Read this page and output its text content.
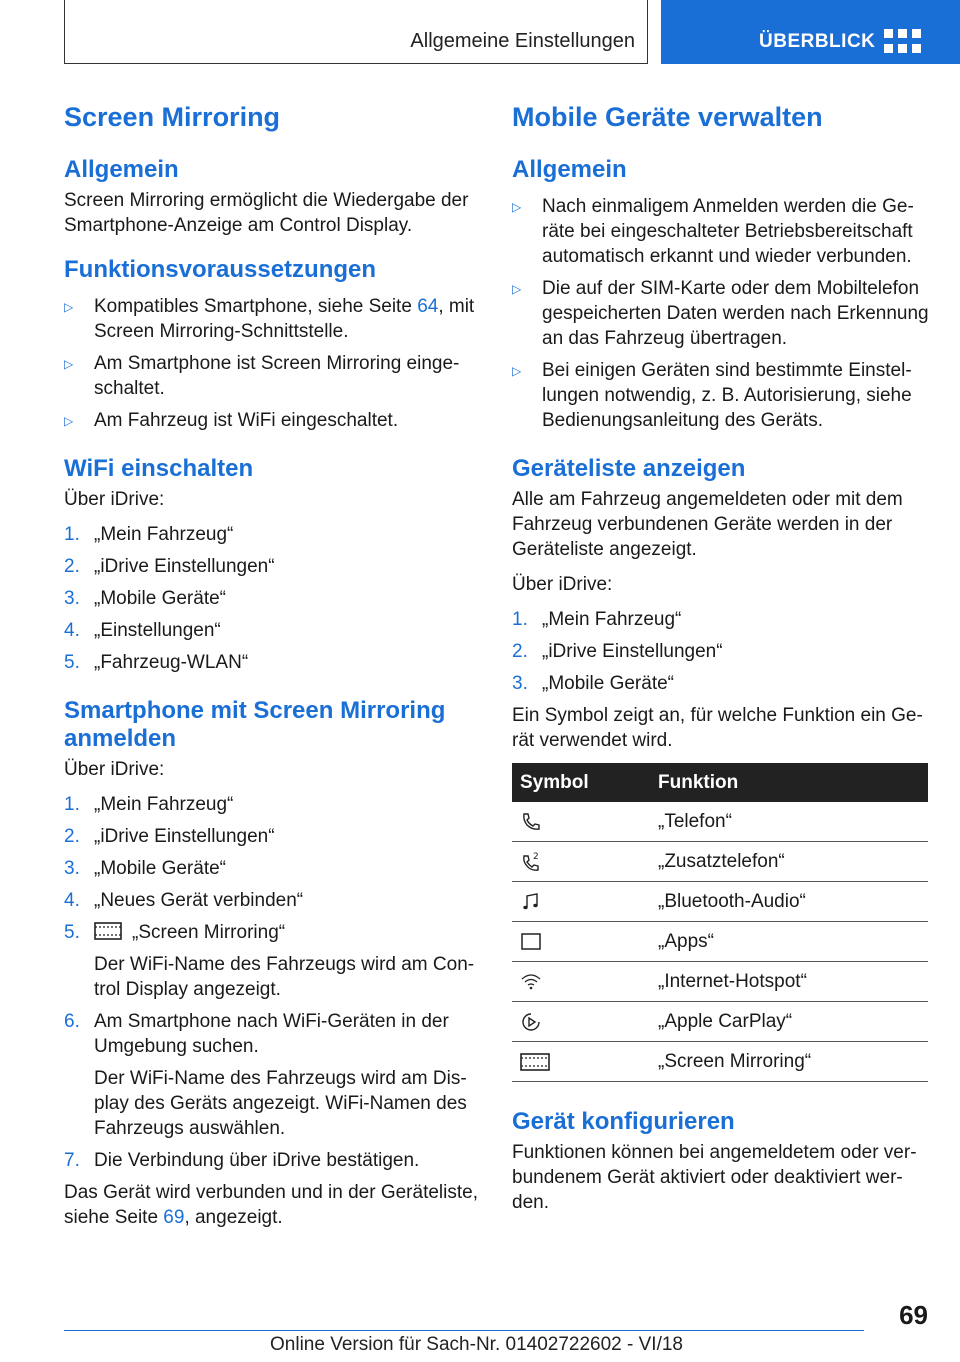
Allgemeine Einstellungen	ÜBERBLICK
Screen Mirroring
Allgemein

Screen Mirroring ermöglicht die Wiedergabe der Smartphone-Anzeige am Control Display.

Funktionsvoraussetzungen
▷ Kompatibles Smartphone, siehe Seite 64, mit Screen Mirroring-Schnittstelle.
▷ Am Smartphone ist Screen Mirroring eingeschaltet.
▷ Am Fahrzeug ist WiFi eingeschaltet.
WiFi einschalten

Über iDrive:

1. „Mein Fahrzeug“
2. „iDrive Einstellungen“
3. „Mobile Geräte“
4. „Einstellungen“
5. „Fahrzeug-WLAN“
Smartphone mit Screen Mirroring anmelden

Über iDrive:

1. „Mein Fahrzeug“
2. „iDrive Einstellungen“
3. „Mobile Geräte“
4. „Neues Gerät verbinden“
5.	„Screen Mirroring“
Der WiFi-Name des Fahrzeugs wird am Control Display angezeigt.
6. Am Smartphone nach WiFi-Geräten in der Umgebung suchen.
Der WiFi-Name des Fahrzeugs wird am Display des Geräts angezeigt. WiFi-Namen des Fahrzeugs auswählen.
7. Die Verbindung über iDrive bestätigen.

Das Gerät wird verbunden und in der Geräteliste, siehe Seite 69, angezeigt.

Mobile Geräte verwalten
Allgemein
▷ Nach einmaligem Anmelden werden die Geräte bei eingeschalteter Betriebsbereitschaft automatisch erkannt und wieder verbunden.
▷ Die auf der SIM-Karte oder dem Mobiltelefon gespeicherten Daten werden nach Erkennung an das Fahrzeug übertragen.
▷ Bei einigen Geräten sind bestimmte Einstellungen notwendig, z. B. Autorisierung, siehe Bedienungsanleitung des Geräts.
Geräteliste anzeigen

Alle am Fahrzeug angemeldeten oder mit dem Fahrzeug verbundenen Geräte werden in der Geräteliste angezeigt.

Über iDrive:

1. „Mein Fahrzeug“
2. „iDrive Einstellungen“
3. „Mobile Geräte“

Ein Symbol zeigt an, für welche Funktion ein Gerät verwendet wird.

Symbol	Funktion

	„Telefon“

2	„Zusatztelefon“

	„Bluetooth-Audio“

	„Apps“

	„Internet-Hotspot“

	„Apple CarPlay“

	„Screen Mirroring“
Gerät konfigurieren

Funktionen können bei angemeldetem oder verbundenem Gerät aktiviert oder deaktiviert werden.

69
Online Version für Sach-Nr. 01402722602 - VI/18
